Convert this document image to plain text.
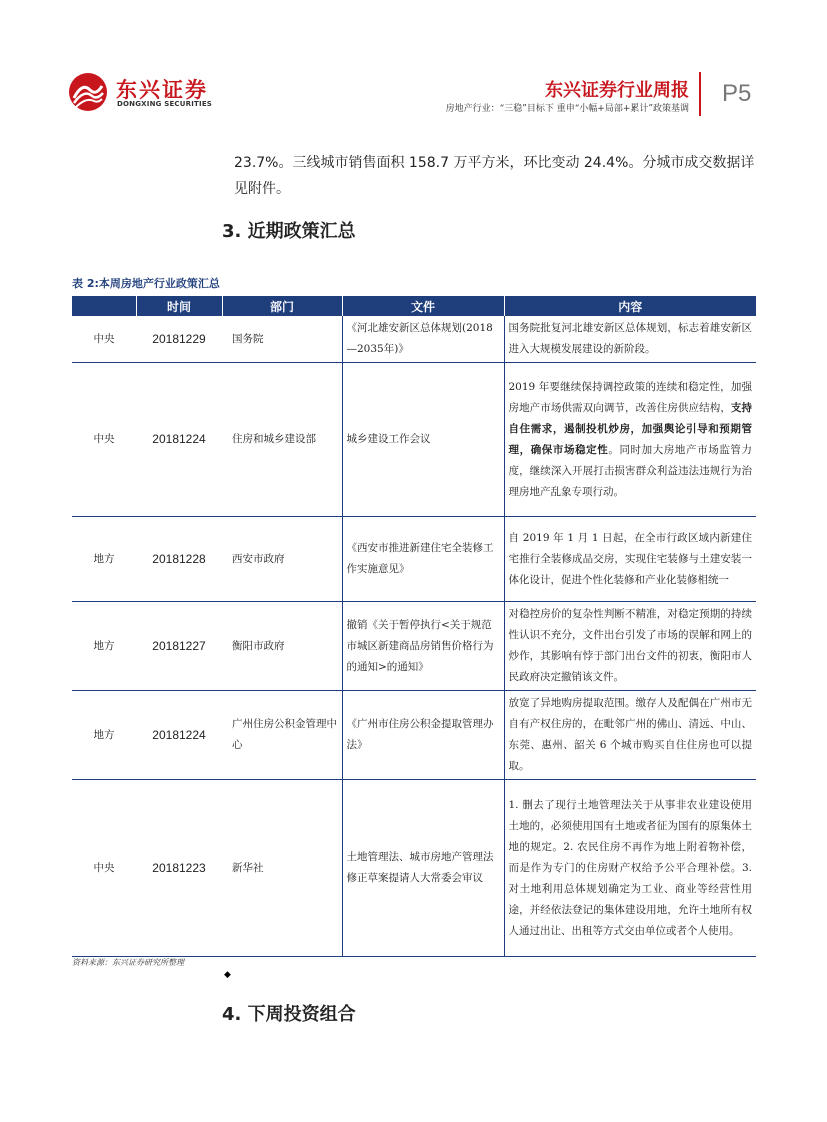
东兴证券
DONGXING SECURITIES
东兴证券行业周报
房地产行业：“三稳”目标下 重申“小幅+局部+累计”政策基调
P5

23.7%。三线城市销售面积 158.7 万平方米，环比变动 24.4%。分城市成交数据详见附件。

3. 近期政策汇总

表 2:本周房地产行业政策汇总

	时间	部门	文件	内容
中央	20181229	国务院	《河北雄安新区总体规划(2018—2035年)》	国务院批复河北雄安新区总体规划，标志着雄安新区进入大规模发展建设的新阶段。
中央	20181224	住房和城乡建设部	城乡建设工作会议	2019 年要继续保持调控政策的连续和稳定性，加强房地产市场供需双向调节，改善住房供应结构，支持自住需求，遏制投机炒房，加强舆论引导和预期管理，确保市场稳定性。同时加大房地产市场监管力度，继续深入开展打击损害群众利益违法违规行为治理房地产乱象专项行动。
地方	20181228	西安市政府	《西安市推进新建住宅全装修工作实施意见》	自 2019 年 1 月 1 日起，在全市行政区域内新建住宅推行全装修成品交房，实现住宅装修与土建安装一体化设计，促进个性化装修和产业化装修相统一
地方	20181227	衡阳市政府	撤销《关于暂停执行<关于规范市城区新建商品房销售价格行为的通知>的通知》	对稳控房价的复杂性判断不精准，对稳定预期的持续性认识不充分，文件出台引发了市场的误解和网上的炒作，其影响有悖于部门出台文件的初衷，衡阳市人民政府决定撤销该文件。
地方	20181224	广州住房公积金管理中心	《广州市住房公积金提取管理办法》	放宽了异地购房提取范围。缴存人及配偶在广州市无自有产权住房的，在毗邻广州的佛山、清远、中山、东莞、惠州、韶关 6 个城市购买自住住房也可以提取。
中央	20181223	新华社	土地管理法、城市房地产管理法修正草案提请人大常委会审议	1. 删去了现行土地管理法关于从事非农业建设使用土地的，必须使用国有土地或者征为国有的原集体土地的规定。2. 农民住房不再作为地上附着物补偿，而是作为专门的住房财产权给予公平合理补偿。3. 对土地利用总体规划确定为工业、商业等经营性用途，并经依法登记的集体建设用地，允许土地所有权人通过出让、出租等方式交由单位或者个人使用。

资料来源：东兴证券研究所整理

◆
4. 下周投资组合
